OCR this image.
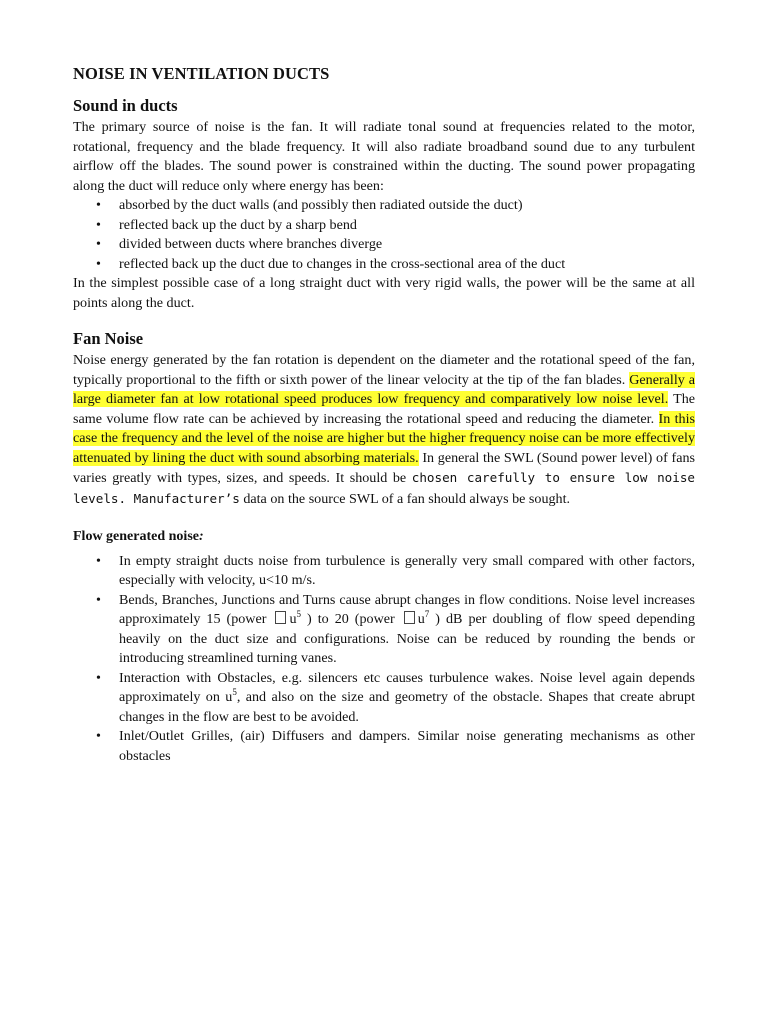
NOISE IN VENTILATION DUCTS
Sound in ducts

The primary source of noise is the fan. It will radiate tonal sound at frequencies related to the motor, rotational, frequency and the blade frequency. It will also radiate broadband sound due to any turbulent airflow off the blades. The sound power is constrained within the ducting. The sound power propagating along the duct will reduce only where energy has been:

• absorbed by the duct walls (and possibly then radiated outside the duct)
• reflected back up the duct by a sharp bend
• divided between ducts where branches diverge
• reflected back up the duct due to changes in the cross-sectional area of the duct

In the simplest possible case of a long straight duct with very rigid walls, the power will be the same at all points along the duct.

Fan Noise

Noise energy generated by the fan rotation is dependent on the diameter and the rotational speed of the fan, typically proportional to the fifth or sixth power of the linear velocity at the tip of the fan blades. Generally a large diameter fan at low rotational speed produces low frequency and comparatively low noise level. The same volume flow rate can be achieved by increasing the rotational speed and reducing the diameter. In this case the frequency and the level of the noise are higher but the higher frequency noise can be more effectively attenuated by lining the duct with sound absorbing materials. In general the SWL (Sound power level) of fans varies greatly with types, sizes, and speeds. It should be chosen carefully to ensure low noise levels. Manufacturer’s data on the source SWL of a fan should always be sought.

Flow generated noise:
• In empty straight ducts noise from turbulence is generally very small compared with other factors, especially with velocity, u<10 m/s.
• Bends, Branches, Junctions and Turns cause abrupt changes in flow conditions. Noise level increases approximately 15 (power $u^5$ ) to 20 (power $u^7$ ) dB per doubling of flow speed depending heavily on the duct size and configurations. Noise can be reduced by rounding the bends or introducing streamlined turning vanes.
• Interaction with Obstacles, e.g. silencers etc causes turbulence wakes. Noise level again depends approximately on $u^5$, and also on the size and geometry of the obstacle. Shapes that create abrupt changes in the flow are best to be avoided.
• Inlet/Outlet Grilles, (air) Diffusers and dampers. Similar noise generating mechanisms as other obstacles
